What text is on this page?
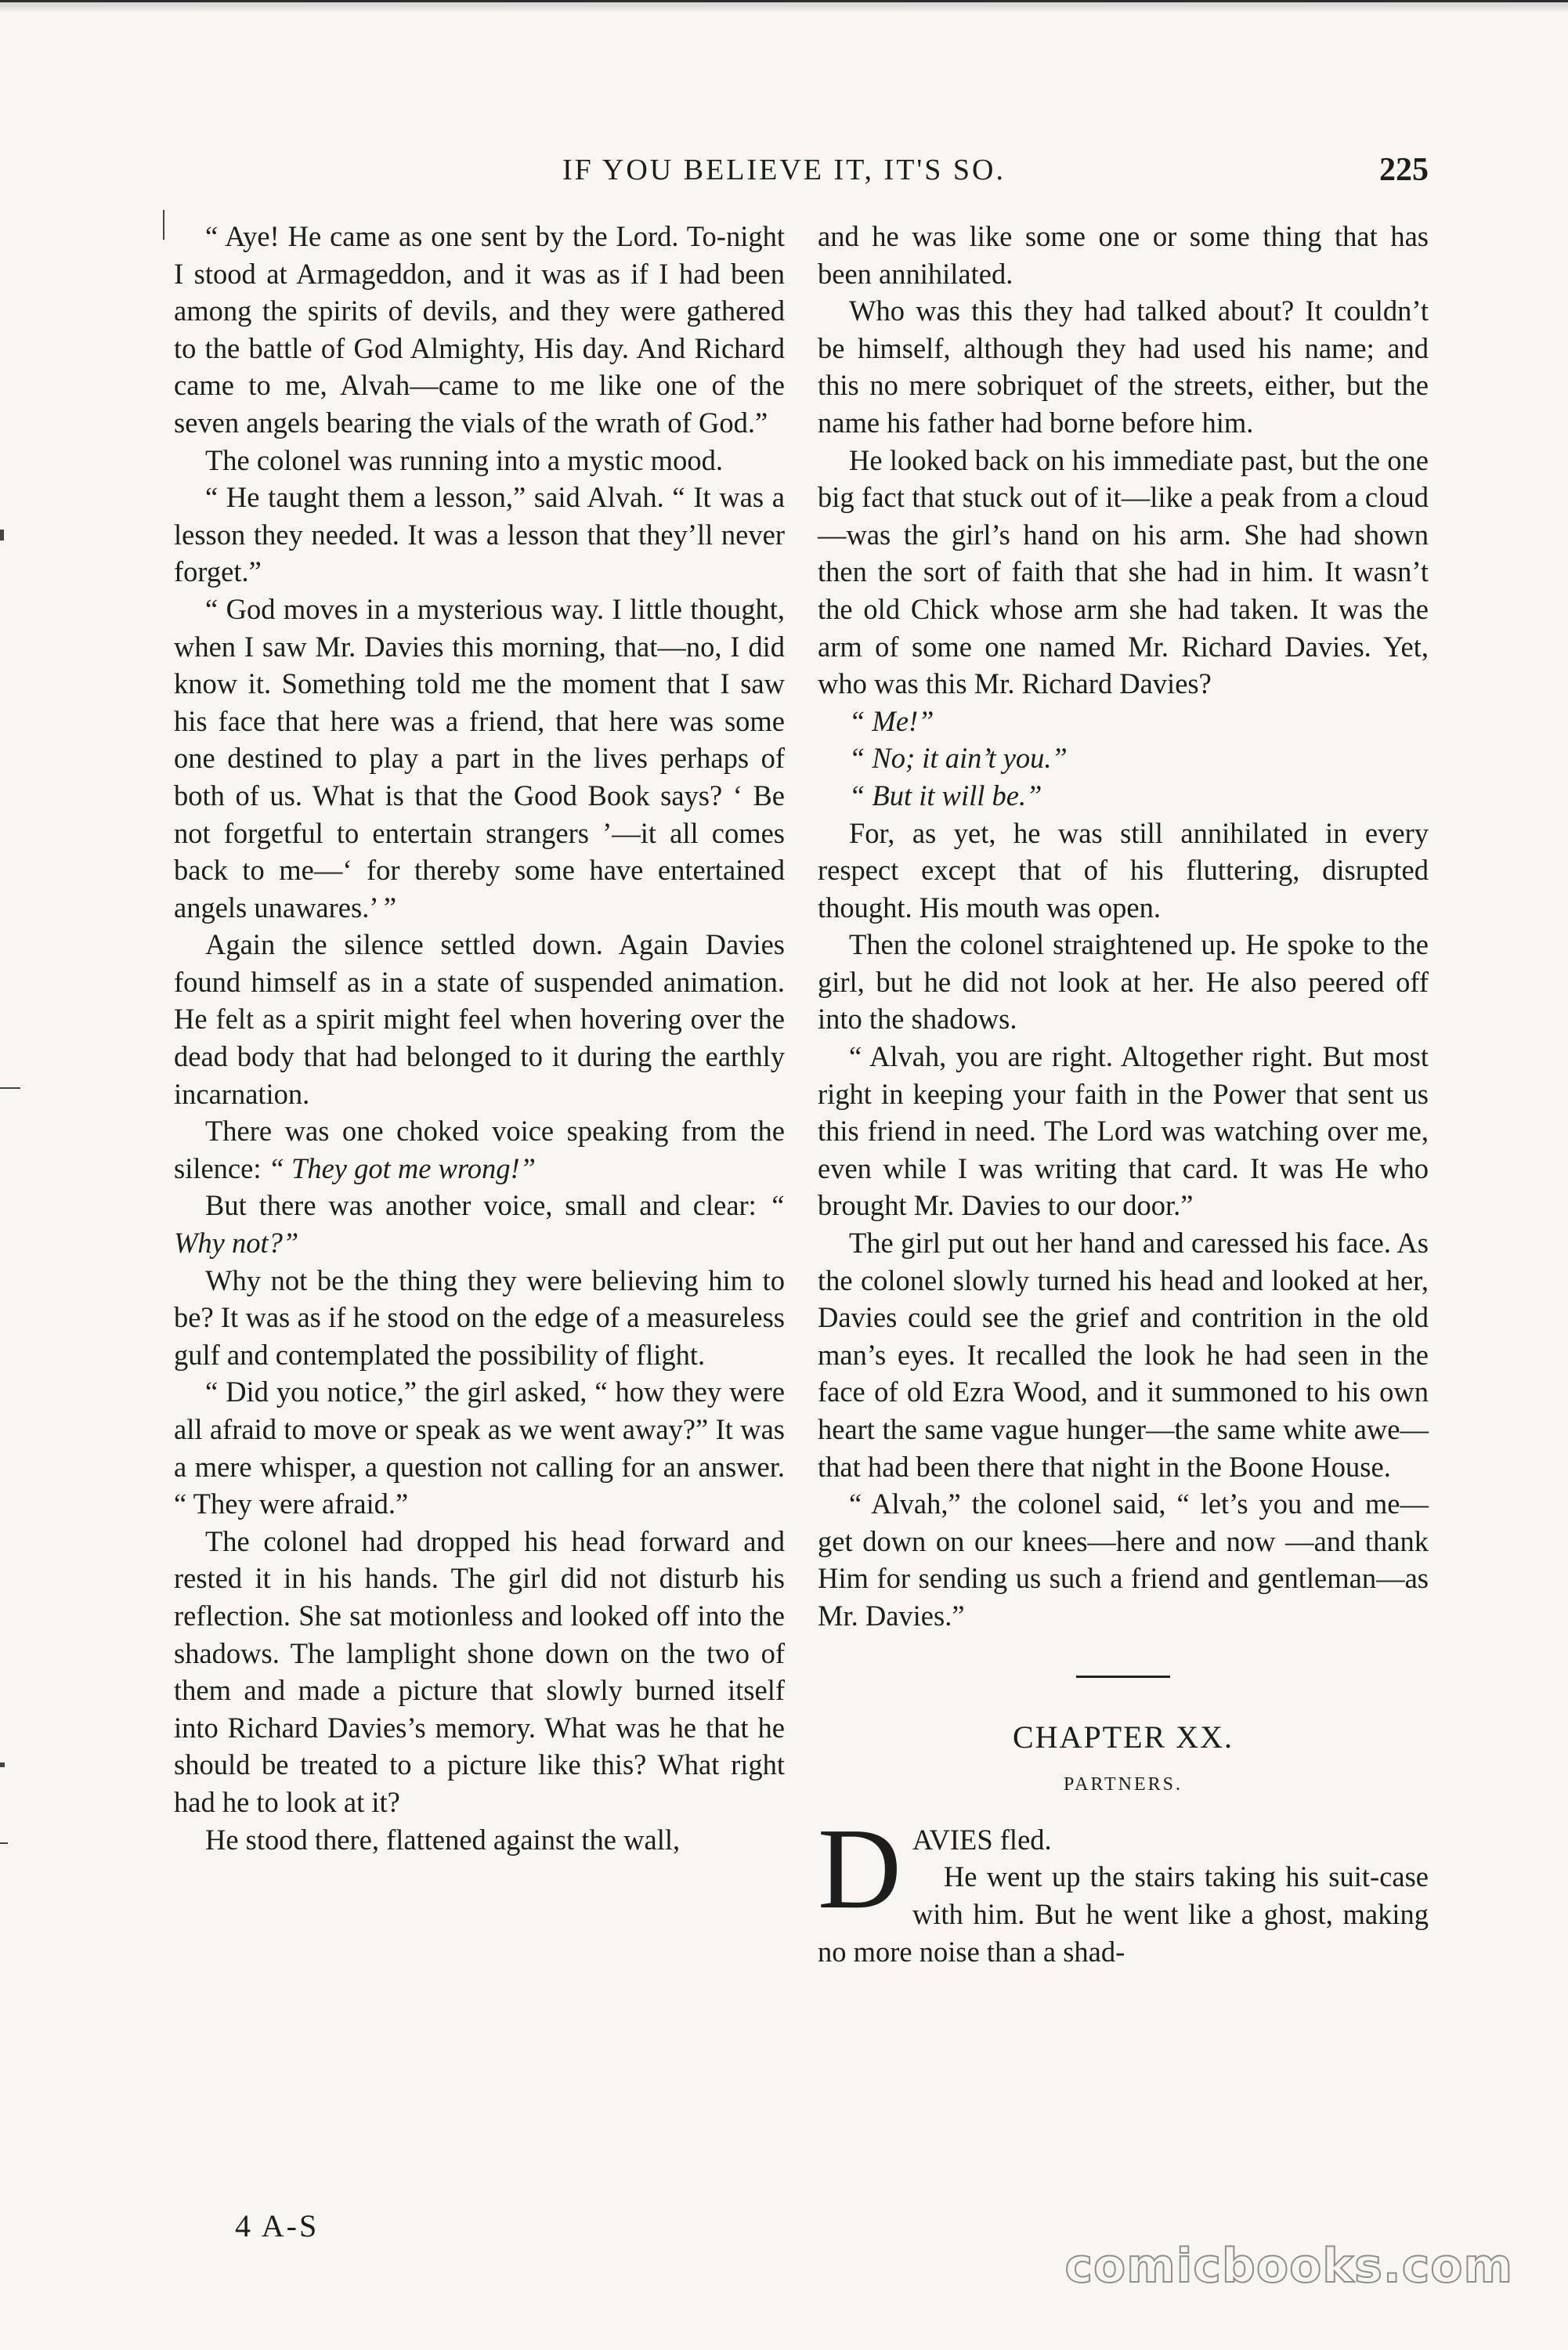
IF YOU BELIEVE IT, IT'S SO.	225

“ Aye! He came as one sent by the Lord. To-night I stood at Armageddon, and it was as if I had been among the spirits of devils, and they were gathered to the battle of God Almighty, His day. And Richard came to me, Alvah—came to me like one of the seven angels bearing the vials of the wrath of God.”

The colonel was running into a mystic mood.

“ He taught them a lesson,” said Alvah. “ It was a lesson they needed. It was a lesson that they’ll never forget.”

“ God moves in a mysterious way. I little thought, when I saw Mr. Davies this morning, that—no, I did know it. Something told me the moment that I saw his face that here was a friend, that here was some one destined to play a part in the lives perhaps of both of us. What is that the Good Book says? ‘ Be not forgetful to entertain strangers ’—it all comes back to me—‘ for thereby some have entertained angels unawares.’ ”

Again the silence settled down. Again Davies found himself as in a state of suspended animation. He felt as a spirit might feel when hovering over the dead body that had belonged to it during the earthly incarnation.

There was one choked voice speaking from the silence: “ They got me wrong!”

But there was another voice, small and clear: “ Why not?”

Why not be the thing they were believing him to be? It was as if he stood on the edge of a measureless gulf and contemplated the possibility of flight.

“ Did you notice,” the girl asked, “ how they were all afraid to move or speak as we went away?” It was a mere whisper, a question not calling for an answer. “ They were afraid.”

The colonel had dropped his head forward and rested it in his hands. The girl did not disturb his reflection. She sat motionless and looked off into the shadows. The lamplight shone down on the two of them and made a picture that slowly burned itself into Richard Davies’s memory. What was he that he should be treated to a picture like this? What right had he to look at it?

He stood there, flattened against the wall,

and he was like some one or some thing that has been annihilated.

Who was this they had talked about? It couldn’t be himself, although they had used his name; and this no mere sobriquet of the streets, either, but the name his father had borne before him.

He looked back on his immediate past, but the one big fact that stuck out of it—like a peak from a cloud—was the girl’s hand on his arm. She had shown then the sort of faith that she had in him. It wasn’t the old Chick whose arm she had taken. It was the arm of some one named Mr. Richard Davies. Yet, who was this Mr. Richard Davies?

“ Me!”

“ No; it ain’t you.”

“ But it will be.”

For, as yet, he was still annihilated in every respect except that of his fluttering, disrupted thought. His mouth was open.

Then the colonel straightened up. He spoke to the girl, but he did not look at her. He also peered off into the shadows.

“ Alvah, you are right. Altogether right. But most right in keeping your faith in the Power that sent us this friend in need. The Lord was watching over me, even while I was writing that card. It was He who brought Mr. Davies to our door.”

The girl put out her hand and caressed his face. As the colonel slowly turned his head and looked at her, Davies could see the grief and contrition in the old man’s eyes. It recalled the look he had seen in the face of old Ezra Wood, and it summoned to his own heart the same vague hunger—the same white awe—that had been there that night in the Boone House.

“ Alvah,” the colonel said, “ let’s you and me—get down on our knees—here and now —and thank Him for sending us such a friend and gentleman—as Mr. Davies.”

CHAPTER XX.
PARTNERS.

DAVIES fled.
He went up the stairs taking his suit-case with him. But he went like a ghost, making no more noise than a shad-

4 A-S
comicbooks.com
